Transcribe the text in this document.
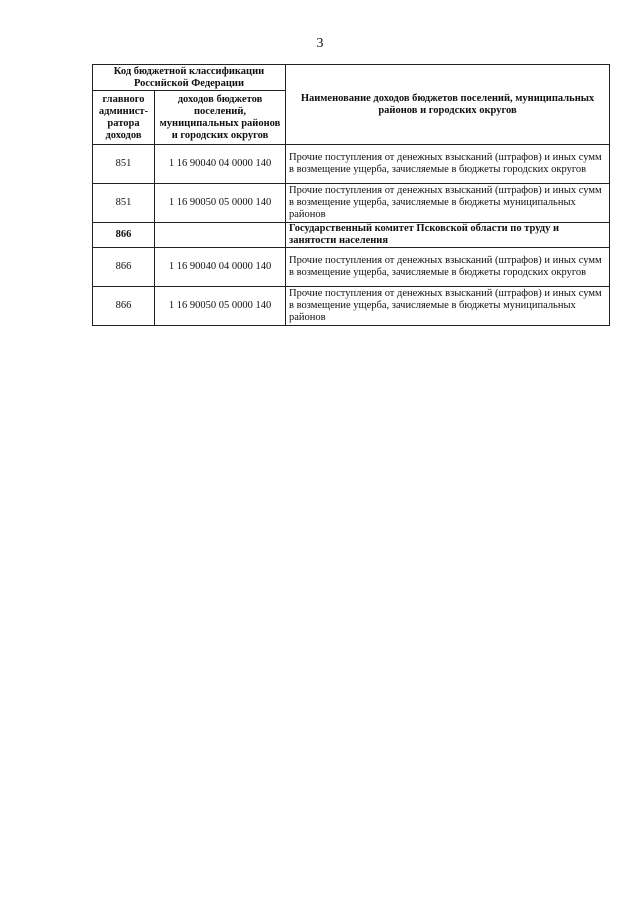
3
Код бюджетной классификации Российской Федерации		Наименование доходов бюджетов поселений, муниципальных районов и городских округов
главного админист-ратора доходов	доходов бюджетов поселений, муниципальных районов и городских округов	
851	1 16 90040 04 0000 140	Прочие поступления от денежных взысканий (штрафов) и иных сумм в возмещение ущерба, зачисляемые в бюджеты городских округов
851	1 16 90050 05 0000 140	Прочие поступления от денежных взысканий (штрафов) и иных сумм в возмещение ущерба, зачисляемые в бюджеты муниципальных районов
866		Государственный комитет Псковской области по труду и занятости населения
866	1 16 90040 04 0000 140	Прочие поступления от денежных взысканий (штрафов) и иных сумм в возмещение ущерба, зачисляемые в бюджеты городских округов
866	1 16 90050 05 0000 140	Прочие поступления от денежных взысканий (штрафов) и иных сумм в возмещение ущерба, зачисляемые в бюджеты муниципальных районов
